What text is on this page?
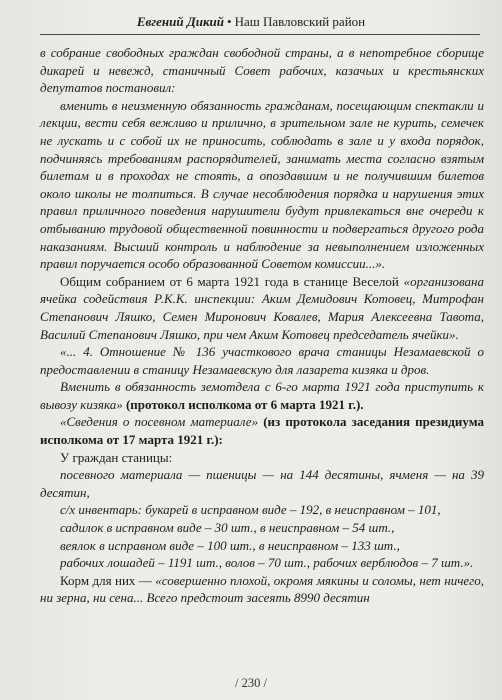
Евгений Дикий • Наш Павловский район

в собрание свободных граждан свободной страны, а в непотребное сборище дикарей и невежд, станичный Совет рабочих, казачьих и крестьянских депутатов постановил:

вменить в неизменную обязанность гражданам, посещающим спектакли и лекции, вести себя вежливо и прилично, в зрительном зале не курить, семечек не лускать и с собой их не приносить, соблюдать в зале и у входа порядок, подчиняясь требованиям распорядителей, занимать места согласно взятым билетам и в проходах не стоять, а опоздавшим и не получившим билетов около школы не толпиться. В случае несоблюдения порядка и нарушения этих правил приличного поведения нарушители будут привлекаться вне очереди к отбыванию трудовой общественной повинности и подвергаться другого рода наказаниям. Высший контроль и наблюдение за невыполнением изложенных правил поручается особо образованной Советом комиссии...».

Общим собранием от 6 марта 1921 года в станице Веселой «организована ячейка содействия Р.К.К. инспекции: Аким Демидович Котовец, Митрофан Степанович Ляшко, Семен Миронович Ковалев, Мария Алексеевна Тавота, Василий Степанович Ляшко, при чем Аким Котовец председатель ячейки».

«... 4. Отношение № 136 участкового врача станицы Незамаевской о предоставлении в станицу Незамаевскую для лазарета кизяка и дров.

Вменить в обязанность земотдела с 6-го марта 1921 года приступить к вывозу кизяка» (протокол исполкома от 6 марта 1921 г.).

«Сведения о посевном материале» (из протокола заседания президиума исполкома от 17 марта 1921 г.):

У граждан станицы:

посевного материала — пшеницы — на 144 десятины, ячменя — на 39 десятин,

с/х инвентарь: букарей в исправном виде – 192, в неисправном – 101,

садилок в исправном виде – 30 шт., в неисправном – 54 шт.,

веялок в исправном виде – 100 шт., в неисправном – 133 шт.,

рабочих лошадей – 1191 шт., волов – 70 шт., рабочих верблюдов – 7 шт.».

Корм для них — «совершенно плохой, окромя мякины и соломы, нет ничего, ни зерна, ни сена... Всего предстоит засеять 8990 десятин

/ 230 /
